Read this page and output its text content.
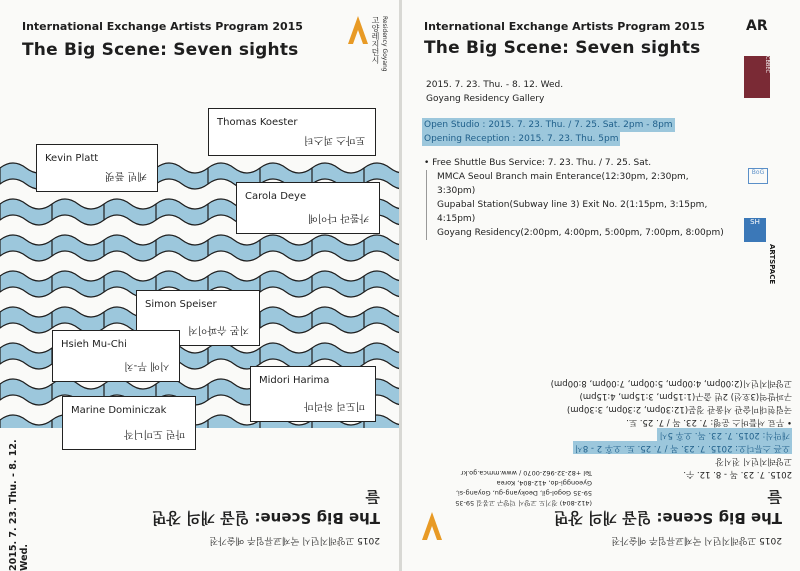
International Exchange Artists Program 2015
The Big Scene: Seven sights	고양레지던시 Residency Goyang
Thomas Koester
토마스 쾨스터
Kevin Platt
케빈 플랫
Carola Deye
카롤라 다이예
Simon Speiser
지몬 슈파이저
Hsieh Mu-Chi
시에 무-치
Midori Harima
미도리 하리마
Marine Dominiczak
마린 도미니작
2015. 7. 23. Thu. - 8. 12. Wed.
2015 고양레지던시 국제교류입주 예술가전
The Big Scene: 일곱 개의 장면들
International Exchange Artists Program 2015
The Big Scene: Seven sights
2015. 7. 23. Thu. - 8. 12. Wed.
Goyang Residency Gallery
Open Studio : 2015. 7. 23. Thu. / 7. 25. Sat. 2pm - 8pm
Opening Reception : 2015. 7. 23. Thu. 5pm
• Free Shuttle Bus Service: 7. 23. Thu. / 7. 25. Sat.
MMCA Seoul Branch main Enterance(12:30pm, 2:30pm, 3:30pm)
Gupabal Station(Subway line 3) Exit No. 2(1:15pm, 3:15pm, 4:15pm)
Goyang Residency(2:00pm, 4:00pm, 5:00pm, 7:00pm, 8:00pm)
AR
CBBEC
BoG
SH
ARTSPACE
2015. 7. 23. 목 - 8. 12. 수.
고양레지던시 전시장
오픈 스튜디오: 2015. 7. 23. 목 / 7. 25. 토. 오후 2 - 8시
개막식: 2015. 7. 23. 목. 오후 5시
• 무료 셔틀버스 운행: 7. 23. 목 / 7. 25. 토.
국립현대미술관 서울관 정문(12:30pm, 2:30pm, 3:30pm)
구파발역(3호선) 2번 출구(1:15pm, 3:15pm, 4:15pm)
고양레지던시(2:00pm, 4:00pm, 5:00pm, 7:00pm, 8:00pm)
(412-804) 경기도 고양시 덕양구 고봉길 59-35
59-35 Gogol-gil, Deokyang-gu, Goyang-si,
Gyeonggi-do, 412-804, Korea
Tel +82-32-962-0070 / www.mmca.go.kr
2015 고양레지던시 국제교류입주 예술가전
The Big Scene: 일곱 개의 장면들
